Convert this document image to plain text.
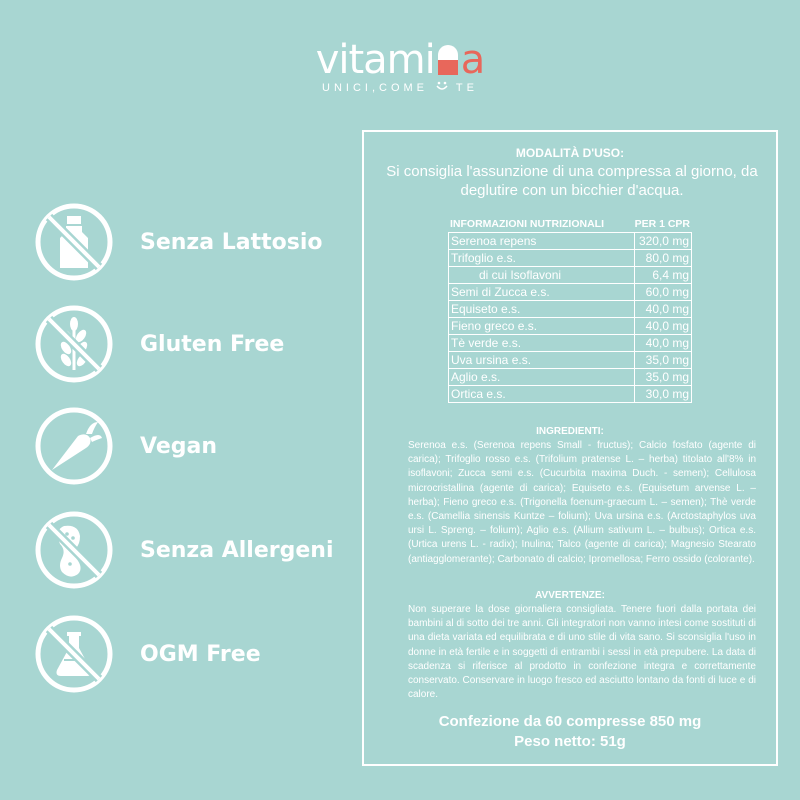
vitami a
UNICI,COME	TE
Senza Lattosio
Gluten Free
Vegan
Senza Allergeni
OGM Free
MODALITÀ D'USO:
Si consiglia l'assunzione di una compressa al giorno, da deglutire con un bicchier d'acqua.
INFORMAZIONI NUTRIZIONALI	PER 1 CPR
Serenoa repens	320,0 mg
Trifoglio e.s.	80,0 mg
di cui Isoflavoni	6,4 mg
Semi di Zucca e.s.	60,0 mg
Equiseto e.s.	40,0 mg
Fieno greco e.s.	40,0 mg
Tè verde e.s.	40,0 mg
Uva ursina e.s.	35,0 mg
Aglio e.s.	35,0 mg
Ortica e.s.	30,0 mg
INGREDIENTI:
Serenoa e.s. (Serenoa repens Small - fructus); Calcio fosfato (agente di carica); Trifoglio rosso e.s. (Trifolium pratense L. – herba) titolato all'8% in isoflavoni; Zucca semi e.s. (Cucurbita maxima Duch. - semen); Cellulosa microcristallina (agente di carica); Equiseto e.s. (Equisetum arvense L. – herba); Fieno greco e.s. (Trigonella foenum-graecum L. – semen); Thè verde e.s. (Camellia sinensis Kuntze – folium); Uva ursina e.s. (Arctostaphylos uva ursi L. Spreng. – folium); Aglio e.s. (Allium sativum L. – bulbus); Ortica e.s. (Urtica urens L. - radix); Inulina; Talco (agente di carica); Magnesio Stearato (antiagglomerante); Carbonato di calcio; Ipromellosa; Ferro ossido (colorante).
AVVERTENZE:
Non superare la dose giornaliera consigliata. Tenere fuori dalla portata dei bambini al di sotto dei tre anni. Gli integratori non vanno intesi come sostituti di una dieta variata ed equilibrata e di uno stile di vita sano. Si sconsiglia l'uso in donne in età fertile e in soggetti di entrambi i sessi in età prepubere. La data di scadenza si riferisce al prodotto in confezione integra e correttamente conservato. Conservare in luogo fresco ed asciutto lontano da fonti di luce e di calore.
Confezione da 60 compresse 850 mg
Peso netto: 51g
